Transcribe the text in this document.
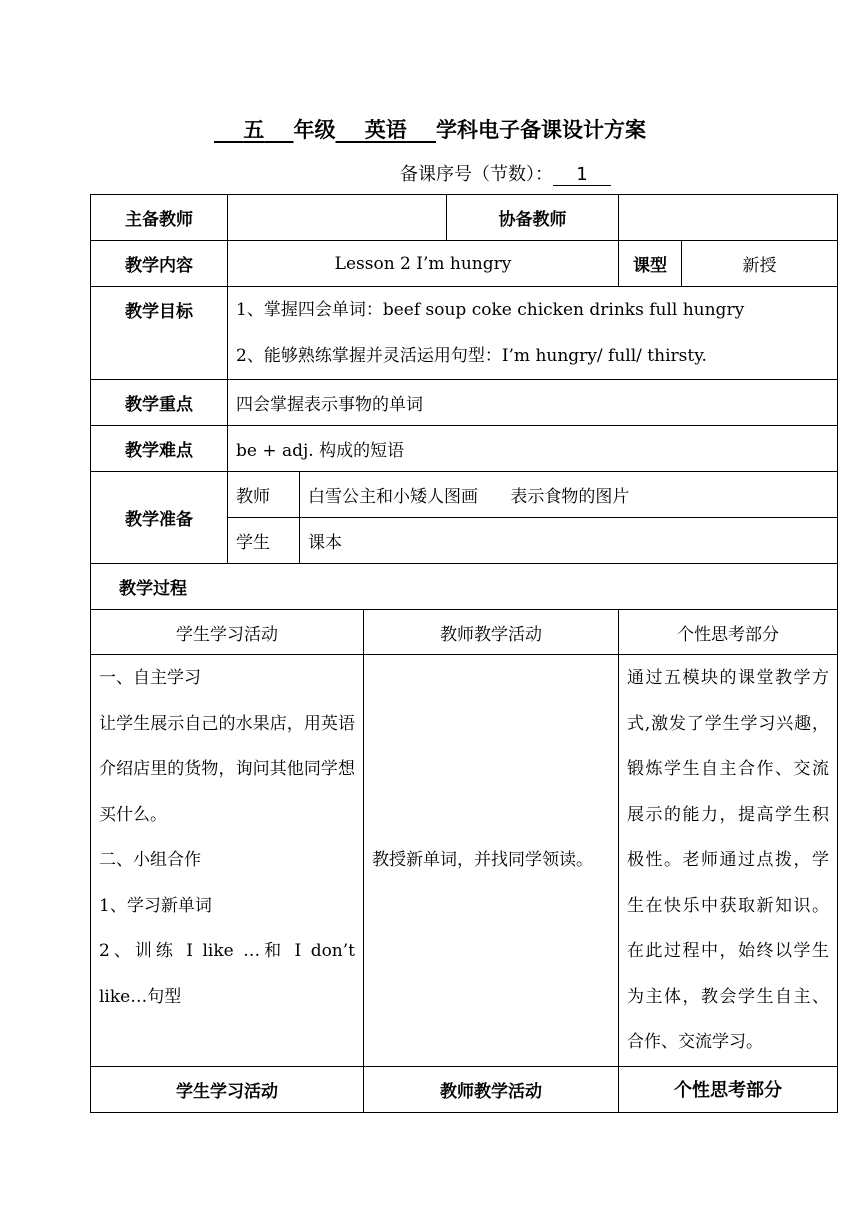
五 年级 英语 学科电子备课设计方案
备课序号（节数）： 1
主备教师				协备教师		
教学内容	Lesson 2 I’m hungry				课型	新授
教学目标	1、掌握四会单词：beef soup coke chicken drinks full hungry
2、能够熟练掌握并灵活运用句型：I’m hungry/ full/ thirsty.					

教学重点	四会掌握表示事物的单词					
教学难点	be + adj. 构成的短语					
教学准备	教师	白雪公主和小矮人图画      表示食物的图片				
	学生	课本				
教学过程						
学生学习活动			教师教学活动		个性思考部分	

一、自主学习
让学生展示自己的水果店，用英语介绍店里的货物，询问其他同学想买什么。
二、小组合作
1、学习新单词
2、训练 I like …和 I don’t like…句型			教授新单词，并找同学领读。		通过五模块的课堂教学方式,激发了学生学习兴趣，锻炼学生自主合作、交流展示的能力，提高学生积极性。老师通过点拨，学生在快乐中获取新知识。在此过程中，始终以学生为主体，教会学生自主、合作、交流学习。	
学生学习活动			教师教学活动		个性思考部分	
